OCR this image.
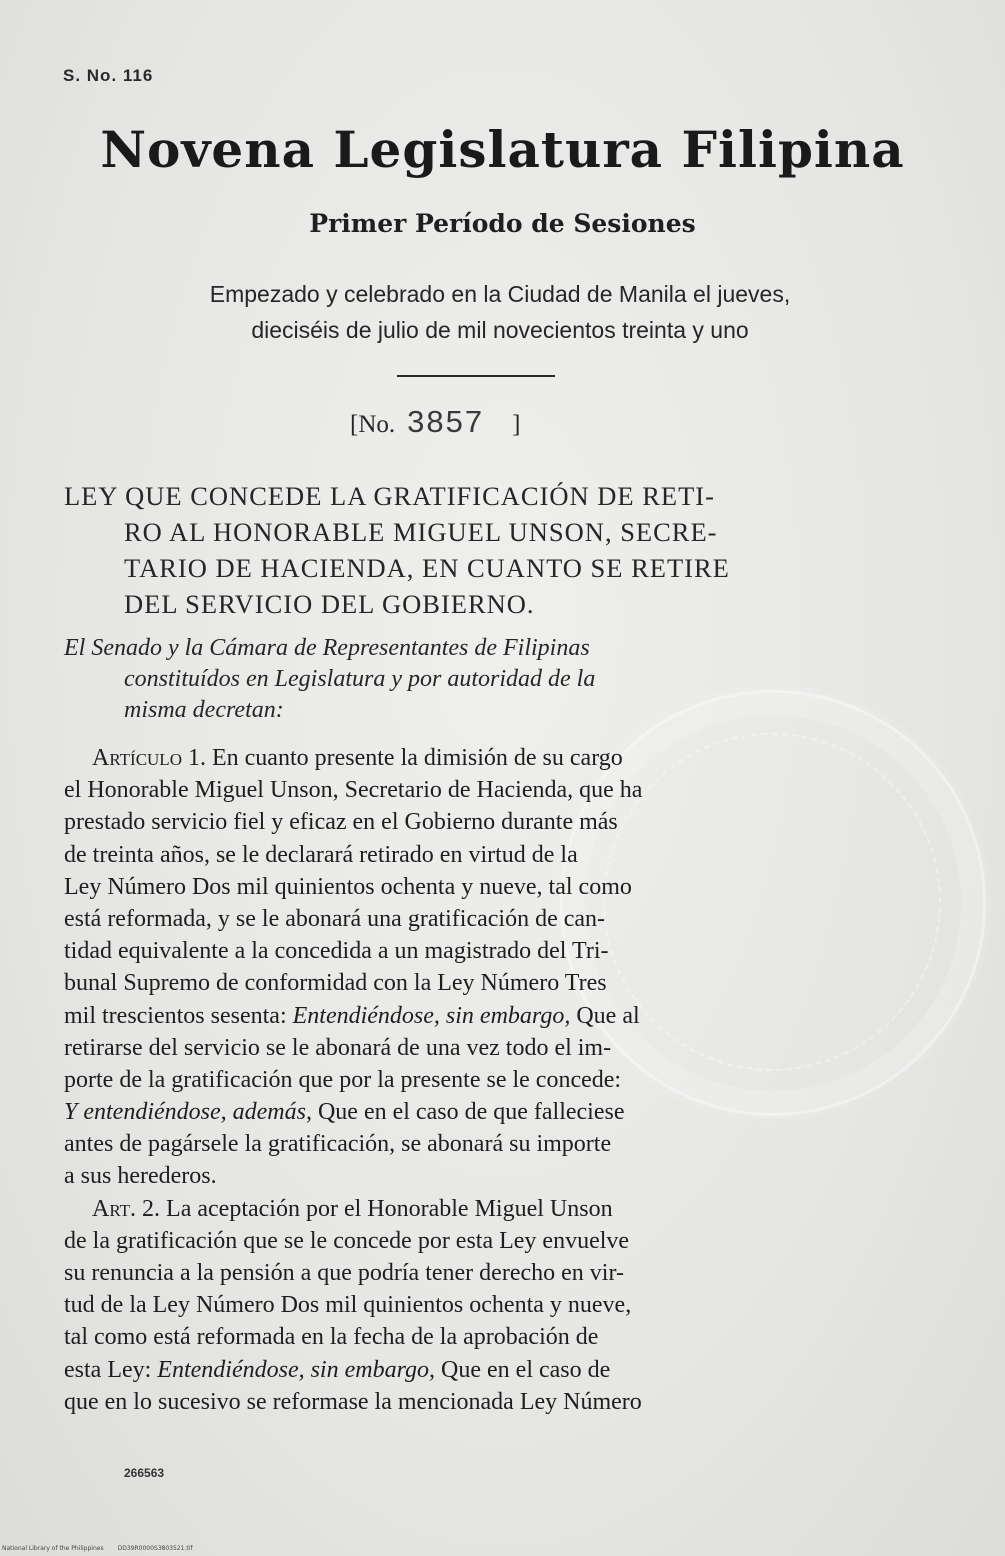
S. No. 116
Novena Legislatura Filipina
Primer Período de Sesiones
Empezado y celebrado en la Ciudad de Manila el jueves,
dieciséis de julio de mil novecientos treinta y uno
[No. 3857 ]
LEY QUE CONCEDE LA GRATIFICACIÓN DE RETI-
RO AL HONORABLE MIGUEL UNSON, SECRE-
TARIO DE HACIENDA, EN CUANTO SE RETIRE
DEL SERVICIO DEL GOBIERNO.
El Senado y la Cámara de Representantes de Filipinas
constituídos en Legislatura y por autoridad de la
misma decretan:
Artículo 1. En cuanto presente la dimisión de su cargo
el Honorable Miguel Unson, Secretario de Hacienda, que ha
prestado servicio fiel y eficaz en el Gobierno durante más
de treinta años, se le declarará retirado en virtud de la
Ley Número Dos mil quinientos ochenta y nueve, tal como
está reformada, y se le abonará una gratificación de can-
tidad equivalente a la concedida a un magistrado del Tri-
bunal Supremo de conformidad con la Ley Número Tres
mil trescientos sesenta: Entendiéndose, sin embargo, Que al
retirarse del servicio se le abonará de una vez todo el im-
porte de la gratificación que por la presente se le concede:
Y entendiéndose, además, Que en el caso de que falleciese
antes de pagársele la gratificación, se abonará su importe
a sus herederos.
Art. 2. La aceptación por el Honorable Miguel Unson
de la gratificación que se le concede por esta Ley envuelve
su renuncia a la pensión a que podría tener derecho en vir-
tud de la Ley Número Dos mil quinientos ochenta y nueve,
tal como está reformada en la fecha de la aprobación de
esta Ley: Entendiéndose, sin embargo, Que en el caso de
que en lo sucesivo se reformase la mencionada Ley Número
266563
National Library of the Philippines DD39R0000S3803521.tif
